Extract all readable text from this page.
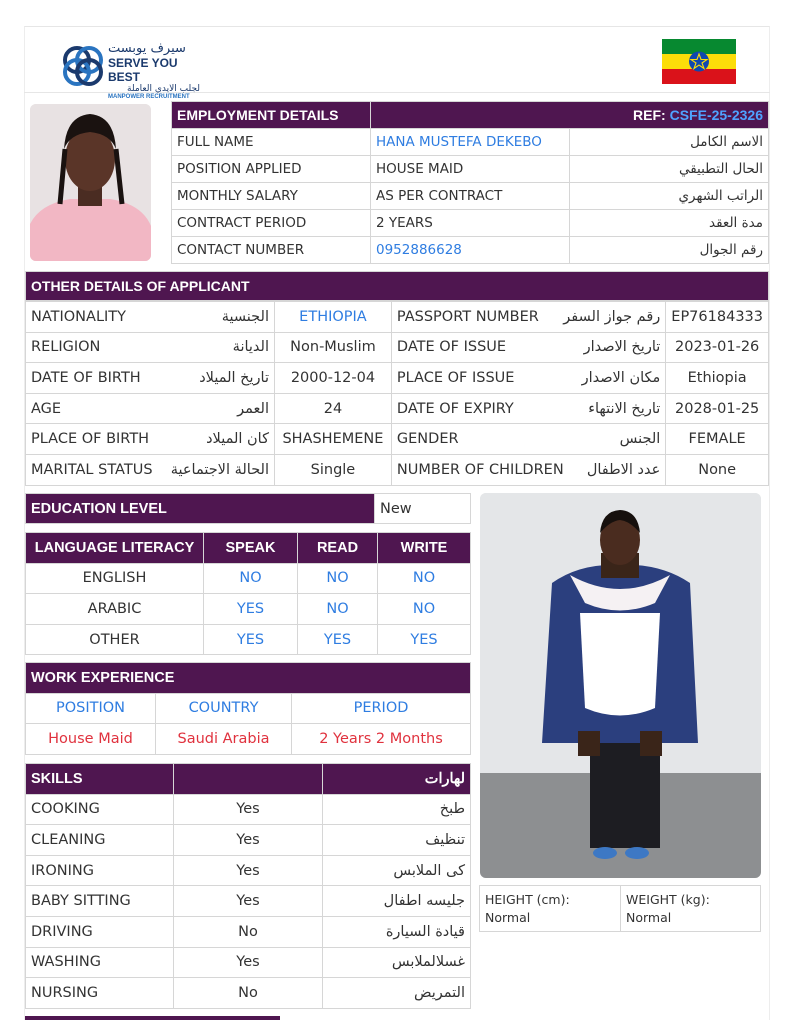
سيرف يوبست
SERVE YOU BEST
لجلب الايدي العاملة
MANPOWER RECRUITMENT
EMPLOYMENT DETAILS	REF: CSFE-25-2326	
FULL NAME	HANA MUSTEFA DEKEBO	الاسم الكامل
POSITION APPLIED	HOUSE MAID	الحال التطبيقي
MONTHLY SALARY	AS PER CONTRACT	الراتب الشهري
CONTRACT PERIOD	2 YEARS	مدة العقد
CONTACT NUMBER	0952886628	رقم الجوال
OTHER DETAILS OF APPLICANT
NATIONALITY الجنسية	ETHIOPIA	PASSPORT NUMBER رقم جواز السفر	EP76184333
RELIGION الديانة	Non-Muslim	DATE OF ISSUE تاريخ الاصدار	2023-01-26
DATE OF BIRTH تاريخ الميلاد	2000-12-04	PLACE OF ISSUE مكان الاصدار	Ethiopia
AGE العمر	24	DATE OF EXPIRY تاريخ الانتهاء	2028-01-25
PLACE OF BIRTH كان الميلاد	SHASHEMENE	GENDER الجنس	FEMALE
MARITAL STATUS الحالة الاجتماعية	Single	NUMBER OF CHILDREN عدد الاطفال	None
EDUCATION LEVEL	New
LANGUAGE LITERACY	SPEAK	READ	WRITE
ENGLISH	NO	NO	NO
ARABIC	YES	NO	NO
OTHER	YES	YES	YES
WORK EXPERIENCE		
POSITION	COUNTRY	PERIOD
House Maid	Saudi Arabia	2 Years 2 Months
SKILLS		لهارات
COOKING	Yes	طبخ
CLEANING	Yes	تنظيف
IRONING	Yes	كى الملابس
BABY SITTING	Yes	جليسه اطفال
DRIVING	No	قيادة السيارة
WASHING	Yes	غسلالملابس
NURSING	No	التمريض
HEIGHT (cm):
Normal

WEIGHT (kg):
Normal
